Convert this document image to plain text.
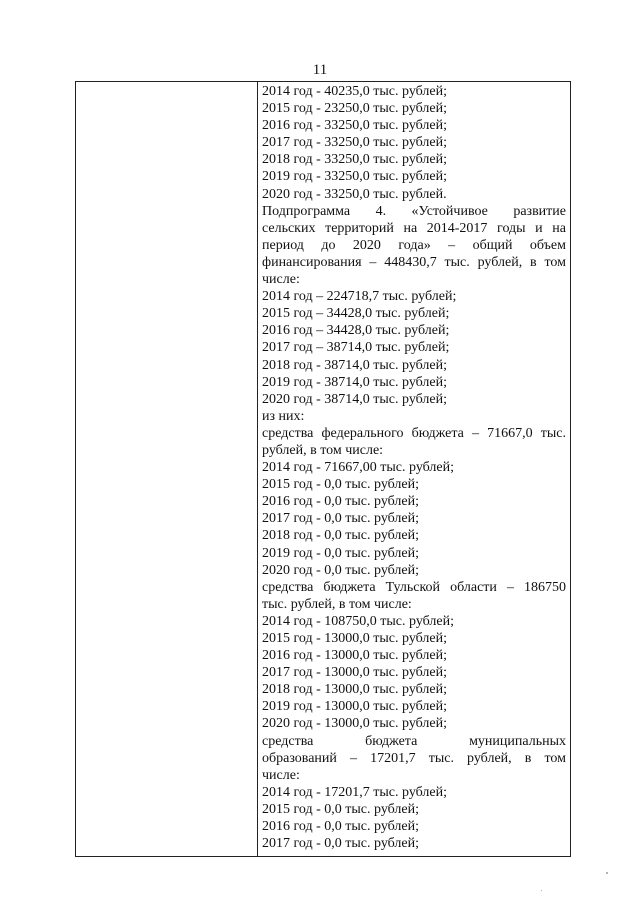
11

2014 год - 40235,0 тыс. рублей;
2015 год - 23250,0 тыс. рублей;
2016 год - 33250,0 тыс. рублей;
2017 год - 33250,0 тыс. рублей;
2018 год - 33250,0 тыс. рублей;
2019 год - 33250,0 тыс. рублей;
2020 год - 33250,0 тыс. рублей.
Подпрограмма 4. «Устойчивое развитие
сельских территорий на 2014-2017 годы и на
период до 2020 года» – общий объем
финансирования – 448430,7 тыс. рублей, в том
числе:
2014 год – 224718,7 тыс. рублей;
2015 год – 34428,0 тыс. рублей;
2016 год – 34428,0 тыс. рублей;
2017 год – 38714,0 тыс. рублей;
2018 год - 38714,0 тыс. рублей;
2019 год - 38714,0 тыс. рублей;
2020 год - 38714,0 тыс. рублей;
из них:
средства федерального бюджета – 71667,0 тыс.
рублей, в том числе:
2014 год - 71667,00 тыс. рублей;
2015 год - 0,0 тыс. рублей;
2016 год - 0,0 тыс. рублей;
2017 год - 0,0 тыс. рублей;
2018 год - 0,0 тыс. рублей;
2019 год - 0,0 тыс. рублей;
2020 год - 0,0 тыс. рублей;
средства бюджета Тульской области – 186750
тыс. рублей, в том числе:
2014 год - 108750,0 тыс. рублей;
2015 год - 13000,0 тыс. рублей;
2016 год - 13000,0 тыс. рублей;
2017 год - 13000,0 тыс. рублей;
2018 год - 13000,0 тыс. рублей;
2019 год - 13000,0 тыс. рублей;
2020 год - 13000,0 тыс. рублей;
средства бюджета муниципальных
образований – 17201,7 тыс. рублей, в том
числе:
2014 год - 17201,7 тыс. рублей;
2015 год - 0,0 тыс. рублей;
2016 год - 0,0 тыс. рублей;
2017 год - 0,0 тыс. рублей;
